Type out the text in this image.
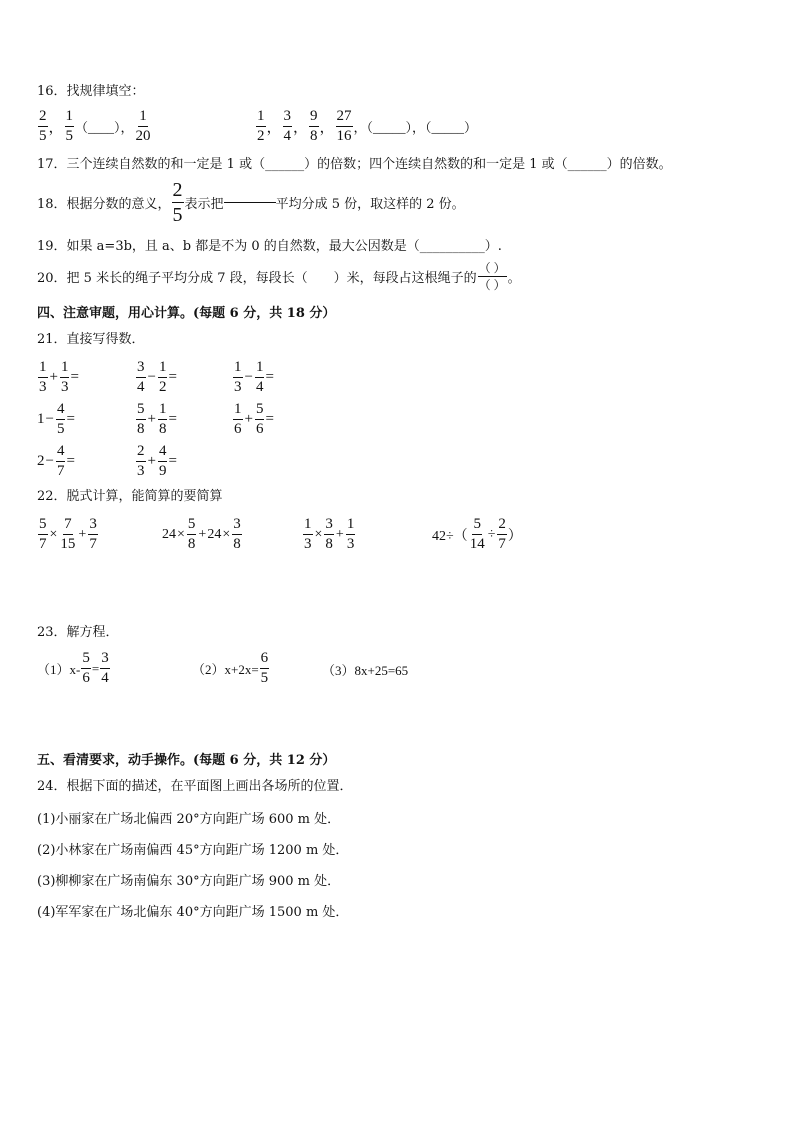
16．找规律填空：
$\frac{2}{5}$ ， $\frac{1}{5}$ （____）， $\frac{1}{20}$	$\frac{1}{2}$ ， $\frac{3}{4}$ ， $\frac{9}{8}$ ， $\frac{27}{16}$ ，（_____），（_____）
17．三个连续自然数的和一定是 1 或（______）的倍数；四个连续自然数的和一定是 1 或（______）的倍数。
18．根据分数的意义， $\frac{2}{5}$ 表示把	平均分成 5 份，取这样的 2 份。
19．如果 a=3b，且 a、b 都是不为 0 的自然数，最大公因数是（__________）.
20．把 5 米长的绳子平均分成 7 段，每段长（　　）米，每段占这根绳子的 $\frac{( )}{( )}$ 。
四、注意审题，用心计算。(每题 6 分，共 18 分）
21．直接写得数．
$\frac{1}{3} + \frac{1}{3}$ =	$\frac{3}{4} - \frac{1}{2}$ =	$\frac{1}{3} - \frac{1}{4}$ =
$1 - \frac{4}{5}$ =	$\frac{5}{8} + \frac{1}{8}$ =	$\frac{1}{6} + \frac{5}{6}$ =
$2 - \frac{4}{7}$ =	$\frac{2}{3} + \frac{4}{9}$ =
22．脱式计算，能简算的要简算
$\frac{5}{7} \times \frac{7}{15} + \frac{3}{7}$	$24 \times \frac{5}{8} + 24 \times \frac{3}{8}$	$\frac{1}{3} \times \frac{3}{8} + \frac{1}{3}$	$42\div( \frac{5}{14} \div \frac{2}{7}$ ）
23．解方程．
$(1)x- \frac{5}{6} = \frac{3}{4}$	$(2)x+2x= \frac{6}{5}$	（3）8x+25=65
五、看清要求，动手操作。(每题 6 分，共 12 分）
24．根据下面的描述，在平面图上画出各场所的位置．
(1)小丽家在广场北偏西 20°方向距广场 600 m 处．
(2)小林家在广场南偏西 45°方向距广场 1200 m 处．
(3)柳柳家在广场南偏东 30°方向距广场 900 m 处．
(4)军军家在广场北偏东 40°方向距广场 1500 m 处．
